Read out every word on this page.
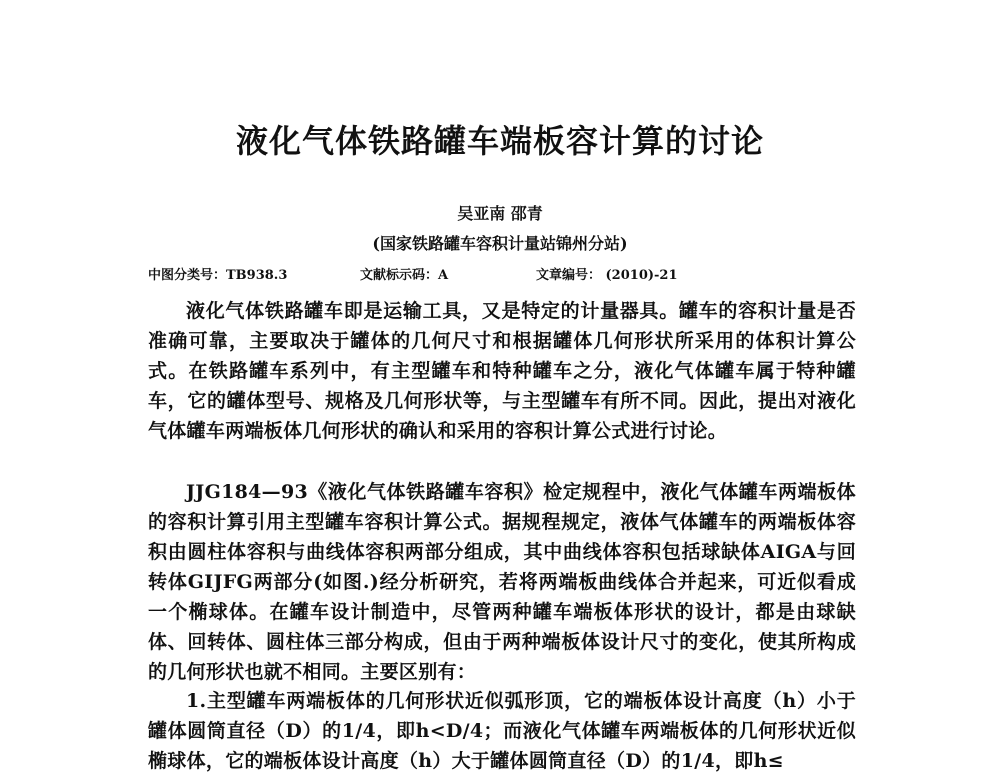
液化气体铁路罐车端板容计算的讨论
吴亚南 邵青
(国家铁路罐车容积计量站锦州分站)
中图分类号：TB938.3	文献标示码：A	文章编号： (2010)-21
液化气体铁路罐车即是运输工具，又是特定的计量器具。罐车的容积计量是否准确可靠，主要取决于罐体的几何尺寸和根据罐体几何形状所采用的体积计算公式。在铁路罐车系列中，有主型罐车和特种罐车之分，液化气体罐车属于特种罐车，它的罐体型号、规格及几何形状等，与主型罐车有所不同。因此，提出对液化气体罐车两端板体几何形状的确认和采用的容积计算公式进行讨论。
JJG184—93《液化气体铁路罐车容积》检定规程中，液化气体罐车两端板体的容积计算引用主型罐车容积计算公式。据规程规定，液体气体罐车的两端板体容积由圆柱体容积与曲线体容积两部分组成，其中曲线体容积包括球缺体AIGA与回转体GIJFG两部分(如图.)经分析研究，若将两端板曲线体合并起来，可近似看成一个椭球体。在罐车设计制造中，尽管两种罐车端板体形状的设计，都是由球缺体、回转体、圆柱体三部分构成，但由于两种端板体设计尺寸的变化，使其所构成的几何形状也就不相同。主要区别有：
1.主型罐车两端板体的几何形状近似弧形顶，它的端板体设计高度（h）小于罐体圆筒直径（D）的1/4，即h<D/4；而液化气体罐车两端板体的几何形状近似椭球体，它的端板体设计高度（h）大于罐体圆筒直径（D）的1/4，即h≤
